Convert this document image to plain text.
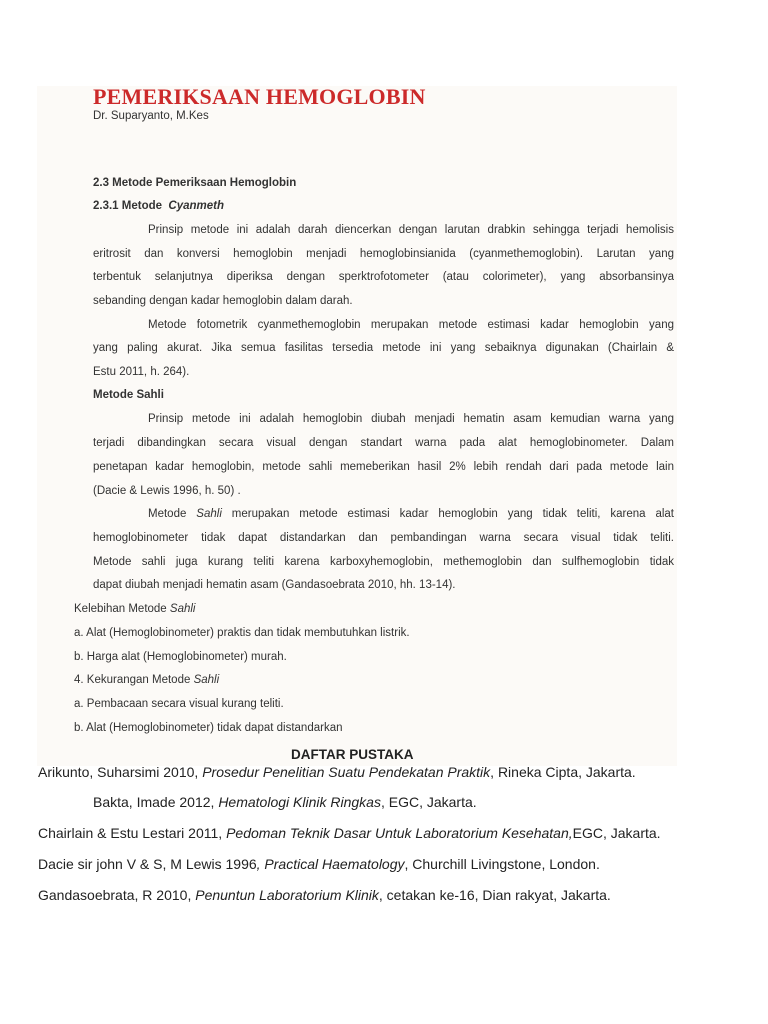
PEMERIKSAAN HEMOGLOBIN
Dr. Suparyanto, M.Kes
2.3 Metode Pemeriksaan Hemoglobin
2.3.1 Metode Cyanmeth
Prinsip metode ini adalah darah diencerkan dengan larutan drabkin sehingga terjadi hemolisis
eritrosit dan konversi hemoglobin menjadi hemoglobinsianida (cyanmethemoglobin). Larutan yang
terbentuk selanjutnya diperiksa dengan sperktrofotometer (atau colorimeter), yang absorbansinya
sebanding dengan kadar hemoglobin dalam darah.
Metode fotometrik cyanmethemoglobin merupakan metode estimasi kadar hemoglobin yang
yang paling akurat. Jika semua fasilitas tersedia metode ini yang sebaiknya digunakan (Chairlain &
Estu 2011, h. 264).
Metode Sahli
Prinsip metode ini adalah hemoglobin diubah menjadi hematin asam kemudian warna yang
terjadi dibandingkan secara visual dengan standart warna pada alat hemoglobinometer. Dalam
penetapan kadar hemoglobin, metode sahli memeberikan hasil 2% lebih rendah dari pada metode lain
(Dacie & Lewis 1996, h. 50) .
Metode Sahli merupakan metode estimasi kadar hemoglobin yang tidak teliti, karena alat
hemoglobinometer tidak dapat distandarkan dan pembandingan warna secara visual tidak teliti.
Metode sahli juga kurang teliti karena karboxyhemoglobin, methemoglobin dan sulfhemoglobin tidak
dapat diubah menjadi hematin asam (Gandasoebrata 2010, hh. 13-14).
Kelebihan Metode Sahli
a. Alat (Hemoglobinometer) praktis dan tidak membutuhkan listrik.
b. Harga alat (Hemoglobinometer) murah.
4. Kekurangan Metode Sahli
a. Pembacaan secara visual kurang teliti.
b. Alat (Hemoglobinometer) tidak dapat distandarkan
DAFTAR PUSTAKA
Arikunto, Suharsimi 2010, Prosedur Penelitian Suatu Pendekatan Praktik, Rineka Cipta, Jakarta.
Bakta, Imade 2012, Hematologi Klinik Ringkas, EGC, Jakarta.
Chairlain & Estu Lestari 2011, Pedoman Teknik Dasar Untuk Laboratorium Kesehatan,EGC, Jakarta.
Dacie sir john V & S, M Lewis 1996, Practical Haematology, Churchill Livingstone, London.
Gandasoebrata, R 2010, Penuntun Laboratorium Klinik, cetakan ke-16, Dian rakyat, Jakarta.
